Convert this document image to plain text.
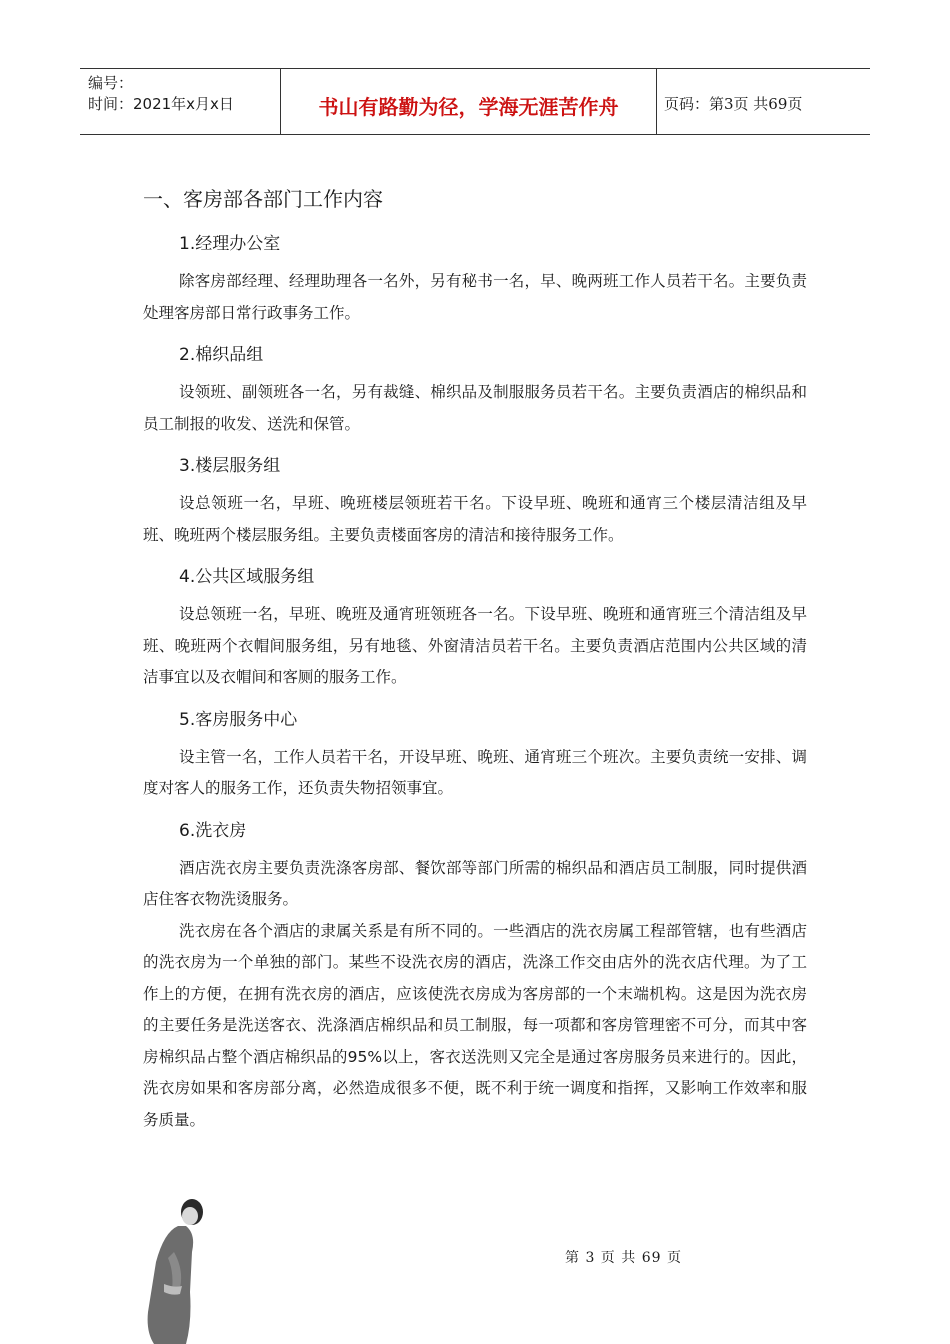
编号：
时间：2021年x月x日	书山有路勤为径，学海无涯苦作舟	页码：第3页 共69页
一、客房部各部门工作内容
1.经理办公室

除客房部经理、经理助理各一名外，另有秘书一名，早、晚两班工作人员若干名。主要负责处理客房部日常行政事务工作。

2.棉织品组

设领班、副领班各一名，另有裁缝、棉织品及制服服务员若干名。主要负责酒店的棉织品和员工制报的收发、送洗和保管。

3.楼层服务组

设总领班一名，早班、晚班楼层领班若干名。下设早班、晚班和通宵三个楼层清洁组及早班、晚班两个楼层服务组。主要负责楼面客房的清洁和接待服务工作。

4.公共区域服务组

设总领班一名，早班、晚班及通宵班领班各一名。下设早班、晚班和通宵班三个清洁组及早班、晚班两个衣帽间服务组，另有地毯、外窗清洁员若干名。主要负责酒店范围内公共区域的清洁事宜以及衣帽间和客厕的服务工作。

5.客房服务中心

设主管一名，工作人员若干名，开设早班、晚班、通宵班三个班次。主要负责统一安排、调度对客人的服务工作，还负责失物招领事宜。

6.洗衣房

酒店洗衣房主要负责洗涤客房部、餐饮部等部门所需的棉织品和酒店员工制服，同时提供酒店住客衣物洗烫服务。

洗衣房在各个酒店的隶属关系是有所不同的。一些酒店的洗衣房属工程部管辖，也有些酒店的洗衣房为一个单独的部门。某些不设洗衣房的酒店，洗涤工作交由店外的洗衣店代理。为了工作上的方便，在拥有洗衣房的酒店，应该使洗衣房成为客房部的一个末端机构。这是因为洗衣房的主要任务是洗送客衣、洗涤酒店棉织品和员工制服，每一项都和客房管理密不可分，而其中客房棉织品占整个酒店棉织品的95%以上，客衣送洗则又完全是通过客房服务员来进行的。因此，洗衣房如果和客房部分离，必然造成很多不便，既不利于统一调度和指挥，又影响工作效率和服务质量。

第 3 页 共 69 页
